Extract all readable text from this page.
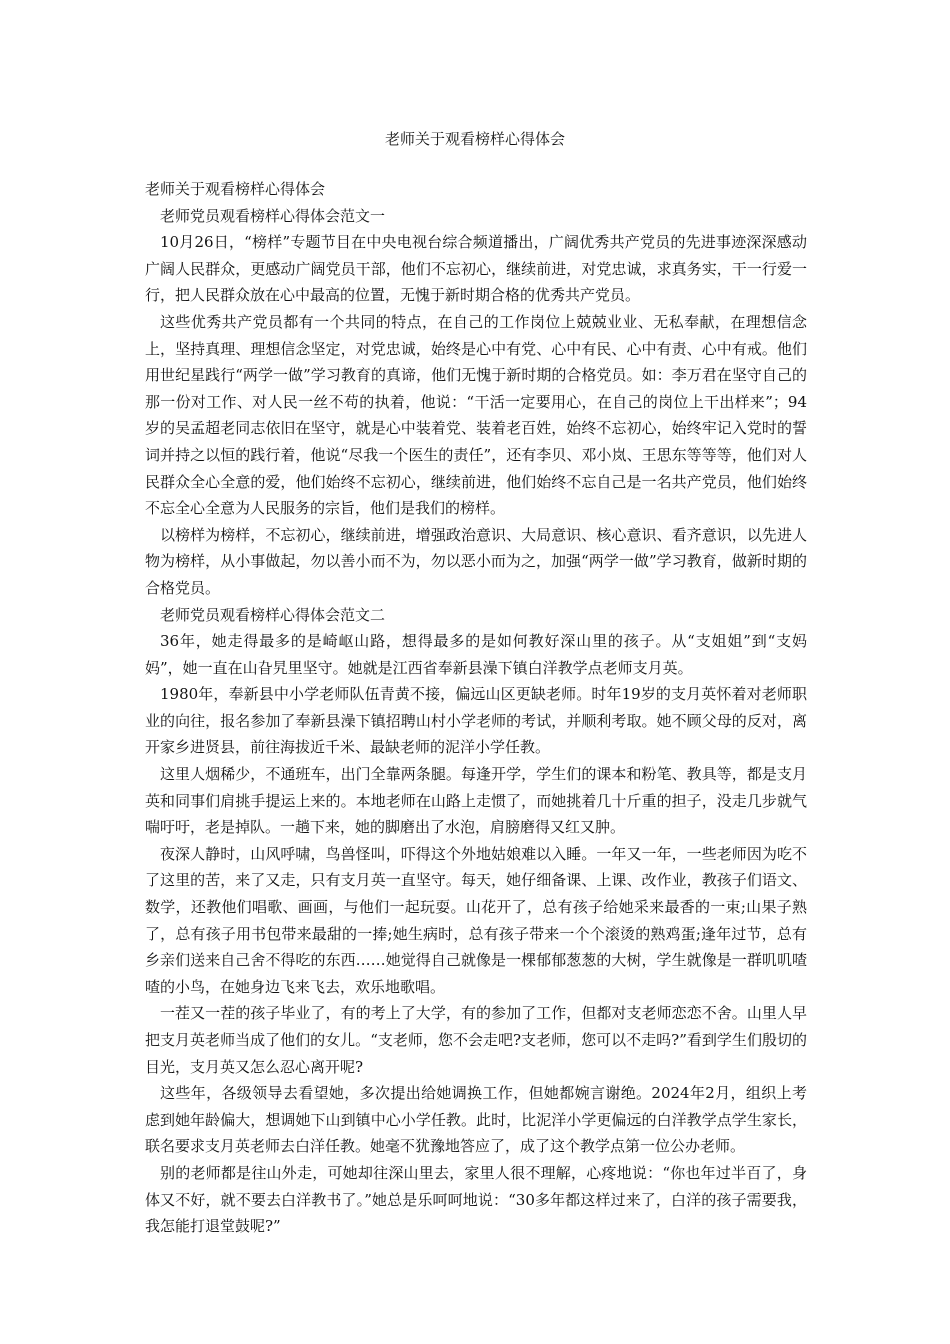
老师关于观看榜样心得体会

老师关于观看榜样心得体会

老师党员观看榜样心得体会范文一

10月26日，“榜样”专题节目在中央电视台综合频道播出，广阔优秀共产党员的先进事迹深深感动广阔人民群众，更感动广阔党员干部，他们不忘初心，继续前进，对党忠诚，求真务实，干一行爱一行，把人民群众放在心中最高的位置，无愧于新时期合格的优秀共产党员。

这些优秀共产党员都有一个共同的特点，在自己的工作岗位上兢兢业业、无私奉献，在理想信念上，坚持真理、理想信念坚定，对党忠诚，始终是心中有党、心中有民、心中有责、心中有戒。他们用世纪星践行“两学一做”学习教育的真谛，他们无愧于新时期的合格党员。如：李万君在坚守自己的那一份对工作、对人民一丝不苟的执着，他说：“干活一定要用心，在自己的岗位上干出样来”；94岁的吴孟超老同志依旧在坚守，就是心中装着党、装着老百姓，始终不忘初心，始终牢记入党时的誓词并持之以恒的践行着，他说“尽我一个医生的责任”，还有李贝、邓小岚、王思东等等等，他们对人民群众全心全意的爱，他们始终不忘初心，继续前进，他们始终不忘自己是一名共产党员，他们始终不忘全心全意为人民服务的宗旨，他们是我们的榜样。

以榜样为榜样，不忘初心，继续前进，增强政治意识、大局意识、核心意识、看齐意识，以先进人物为榜样，从小事做起，勿以善小而不为，勿以恶小而为之，加强“两学一做”学习教育，做新时期的合格党员。

老师党员观看榜样心得体会范文二

36年，她走得最多的是崎岖山路，想得最多的是如何教好深山里的孩子。从“支姐姐”到“支妈妈”，她一直在山旮旯里坚守。她就是江西省奉新县澡下镇白洋教学点老师支月英。

1980年，奉新县中小学老师队伍青黄不接，偏远山区更缺老师。时年19岁的支月英怀着对老师职业的向往，报名参加了奉新县澡下镇招聘山村小学老师的考试，并顺利考取。她不顾父母的反对，离开家乡进贤县，前往海拔近千米、最缺老师的泥洋小学任教。

这里人烟稀少，不通班车，出门全靠两条腿。每逢开学，学生们的课本和粉笔、教具等，都是支月英和同事们肩挑手提运上来的。本地老师在山路上走惯了，而她挑着几十斤重的担子，没走几步就气喘吁吁，老是掉队。一趟下来，她的脚磨出了水泡，肩膀磨得又红又肿。

夜深人静时，山风呼啸，鸟兽怪叫，吓得这个外地姑娘难以入睡。一年又一年，一些老师因为吃不了这里的苦，来了又走，只有支月英一直坚守。每天，她仔细备课、上课、改作业，教孩子们语文、数学，还教他们唱歌、画画，与他们一起玩耍。山花开了，总有孩子给她采来最香的一束;山果子熟了，总有孩子用书包带来最甜的一捧;她生病时，总有孩子带来一个个滚烫的熟鸡蛋;逢年过节，总有乡亲们送来自己舍不得吃的东西……她觉得自己就像是一棵郁郁葱葱的大树，学生就像是一群叽叽喳喳的小鸟，在她身边飞来飞去，欢乐地歌唱。

一茬又一茬的孩子毕业了，有的考上了大学，有的参加了工作，但都对支老师恋恋不舍。山里人早把支月英老师当成了他们的女儿。“支老师，您不会走吧?支老师，您可以不走吗?”看到学生们殷切的目光，支月英又怎么忍心离开呢?

这些年，各级领导去看望她，多次提出给她调换工作，但她都婉言谢绝。2024年2月，组织上考虑到她年龄偏大，想调她下山到镇中心小学任教。此时，比泥洋小学更偏远的白洋教学点学生家长，联名要求支月英老师去白洋任教。她毫不犹豫地答应了，成了这个教学点第一位公办老师。

别的老师都是往山外走，可她却往深山里去，家里人很不理解，心疼地说：“你也年过半百了，身体又不好，就不要去白洋教书了。”她总是乐呵呵地说：“30多年都这样过来了，白洋的孩子需要我，我怎能打退堂鼓呢?”
